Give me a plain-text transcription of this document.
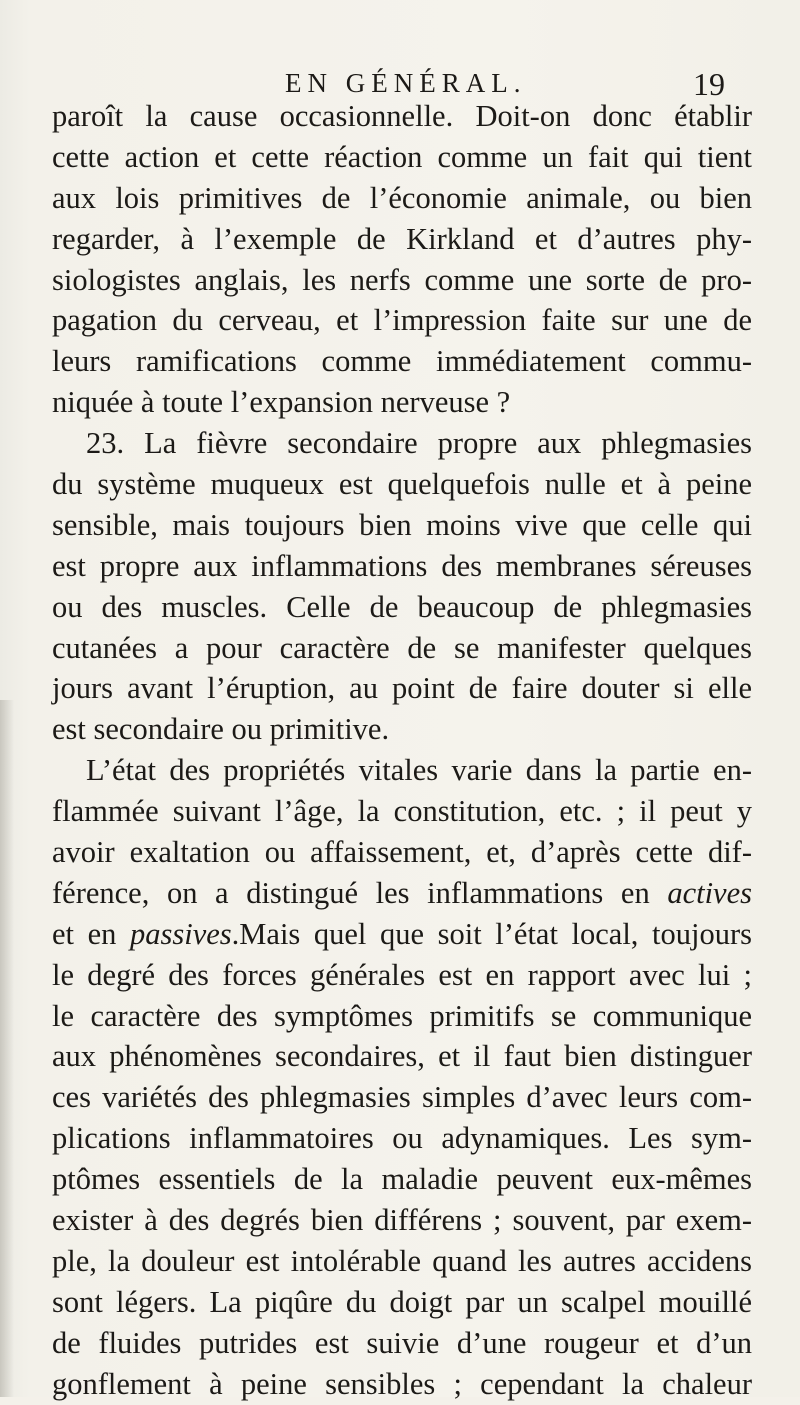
EN GÉNÉRAL.	19
paroît la cause occasionnelle. Doit-on donc établir
cette action et cette réaction comme un fait qui tient
aux lois primitives de l’économie animale, ou bien
regarder, à l’exemple de Kirkland et d’autres phy-
siologistes anglais, les nerfs comme une sorte de pro-
pagation du cerveau, et l’impression faite sur une de
leurs ramifications comme immédiatement commu-
niquée à toute l’expansion nerveuse ?
23. La fièvre secondaire propre aux phlegmasies
du système muqueux est quelquefois nulle et à peine
sensible, mais toujours bien moins vive que celle qui
est propre aux inflammations des membranes séreuses
ou des muscles. Celle de beaucoup de phlegmasies
cutanées a pour caractère de se manifester quelques
jours avant l’éruption, au point de faire douter si elle
est secondaire ou primitive.
L’état des propriétés vitales varie dans la partie en-
flammée suivant l’âge, la constitution, etc. ; il peut y
avoir exaltation ou affaissement, et, d’après cette dif-
férence, on a distingué les inflammations en actives
et en passives.Mais quel que soit l’état local, toujours
le degré des forces générales est en rapport avec lui ;
le caractère des symptômes primitifs se communique
aux phénomènes secondaires, et il faut bien distinguer
ces variétés des phlegmasies simples d’avec leurs com-
plications inflammatoires ou adynamiques. Les sym-
ptômes essentiels de la maladie peuvent eux-mêmes
exister à des degrés bien différens ; souvent, par exem-
ple, la douleur est intolérable quand les autres accidens
sont légers. La piqûre du doigt par un scalpel mouillé
de fluides putrides est suivie d’une rougeur et d’un
gonflement à peine sensibles ; cependant la chaleur
